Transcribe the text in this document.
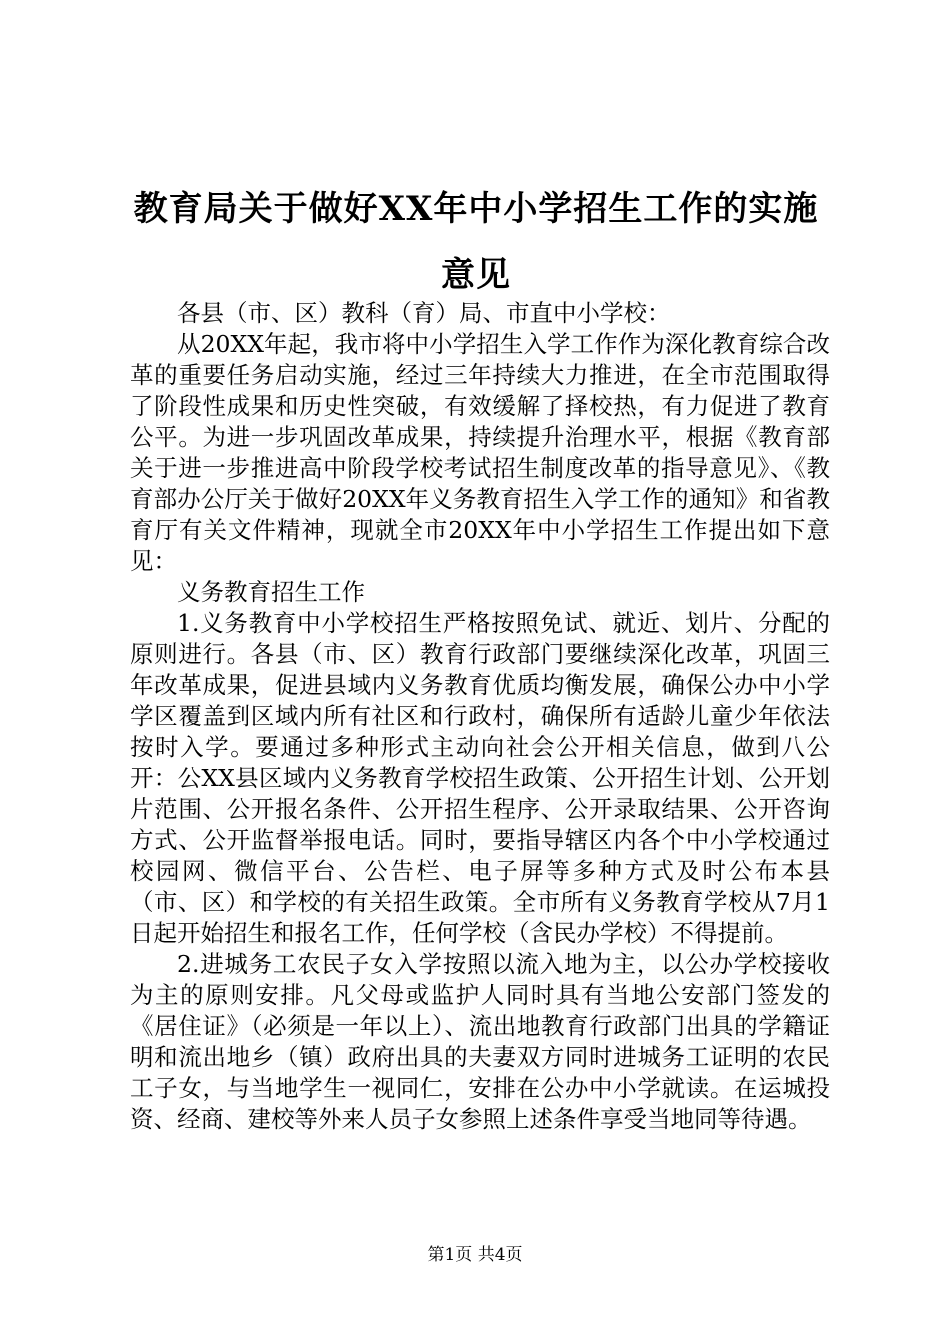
教育局关于做好XX年中小学招生工作的实施
意见

各县（市、区）教科（育）局、市直中小学校：

从20XX年起，我市将中小学招生入学工作作为深化教育综合改革的重要任务启动实施，经过三年持续大力推进，在全市范围取得了阶段性成果和历史性突破，有效缓解了择校热，有力促进了教育公平。为进一步巩固改革成果，持续提升治理水平，根据《教育部关于进一步推进高中阶段学校考试招生制度改革的指导意见》、《教育部办公厅关于做好20XX年义务教育招生入学工作的通知》和省教育厅有关文件精神，现就全市20XX年中小学招生工作提出如下意见：

义务教育招生工作

1.义务教育中小学校招生严格按照免试、就近、划片、分配的原则进行。各县（市、区）教育行政部门要继续深化改革，巩固三年改革成果，促进县域内义务教育优质均衡发展，确保公办中小学学区覆盖到区域内所有社区和行政村，确保所有适龄儿童少年依法按时入学。要通过多种形式主动向社会公开相关信息，做到八公开：公XX县区域内义务教育学校招生政策、公开招生计划、公开划片范围、公开报名条件、公开招生程序、公开录取结果、公开咨询方式、公开监督举报电话。同时，要指导辖区内各个中小学校通过校园网、微信平台、公告栏、电子屏等多种方式及时公布本县（市、区）和学校的有关招生政策。全市所有义务教育学校从7月1日起开始招生和报名工作，任何学校（含民办学校）不得提前。

2.进城务工农民子女入学按照以流入地为主，以公办学校接收为主的原则安排。凡父母或监护人同时具有当地公安部门签发的《居住证》（必须是一年以上）、流出地教育行政部门出具的学籍证明和流出地乡（镇）政府出具的夫妻双方同时进城务工证明的农民工子女，与当地学生一视同仁，安排在公办中小学就读。在运城投资、经商、建校等外来人员子女参照上述条件享受当地同等待遇。

第1页 共4页
